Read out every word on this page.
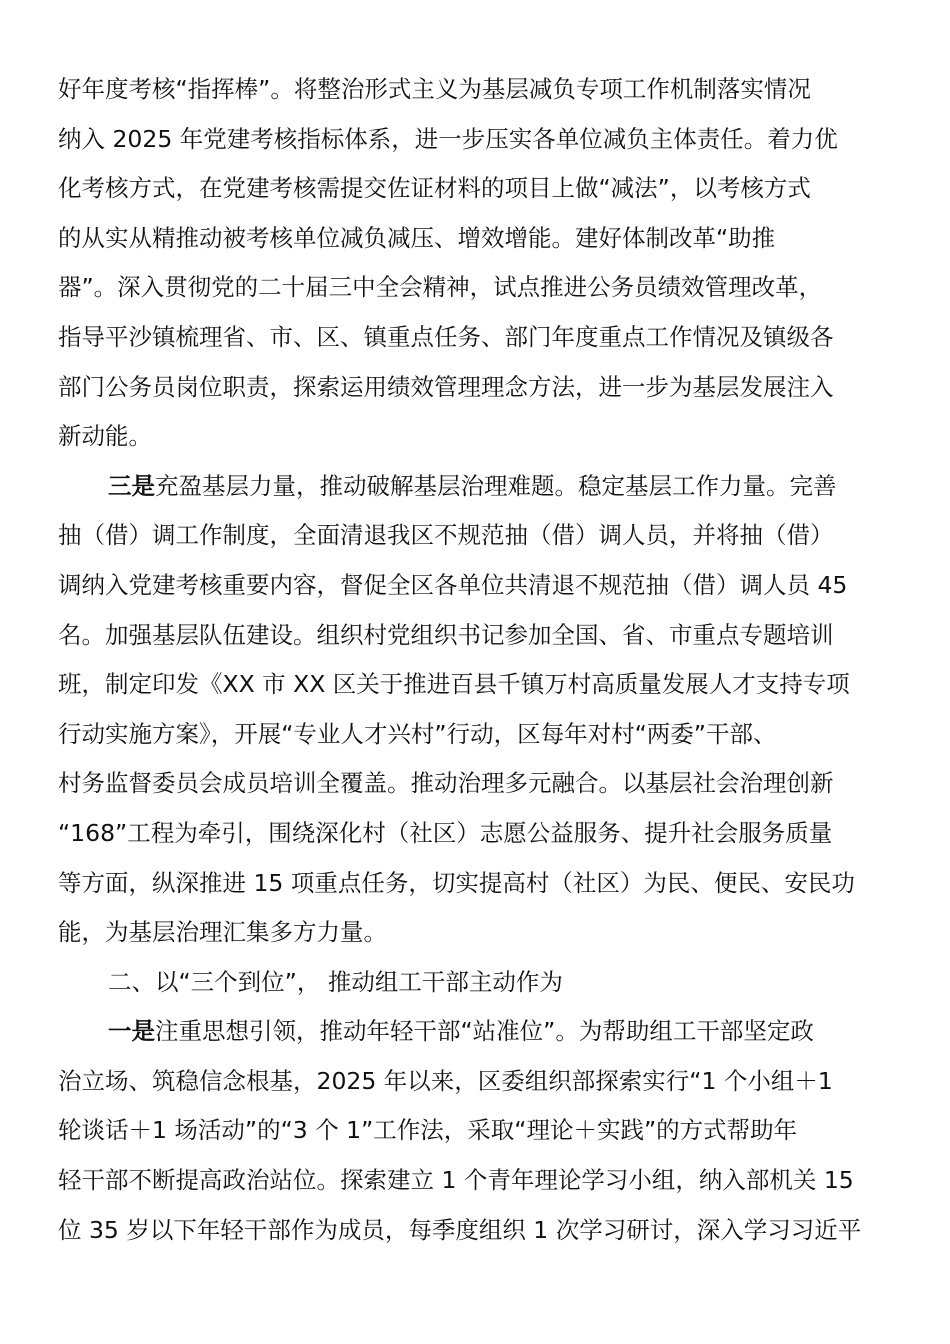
好年度考核“指挥棒”。将整治形式主义为基层减负专项工作机制落实情况
纳入 2025 年党建考核指标体系，进一步压实各单位减负主体责任。着力优
化考核方式，在党建考核需提交佐证材料的项目上做“减法”，以考核方式
的从实从精推动被考核单位减负减压、增效增能。建好体制改革“助推
器”。深入贯彻党的二十届三中全会精神，试点推进公务员绩效管理改革，
指导平沙镇梳理省、市、区、镇重点任务、部门年度重点工作情况及镇级各
部门公务员岗位职责，探索运用绩效管理理念方法，进一步为基层发展注入
新动能。
三是充盈基层力量，推动破解基层治理难题。稳定基层工作力量。完善
抽（借）调工作制度，全面清退我区不规范抽（借）调人员，并将抽（借）
调纳入党建考核重要内容，督促全区各单位共清退不规范抽（借）调人员 45
名。加强基层队伍建设。组织村党组织书记参加全国、省、市重点专题培训
班，制定印发《XX 市 XX 区关于推进百县千镇万村高质量发展人才支持专项
行动实施方案》，开展“专业人才兴村”行动，区每年对村“两委”干部、
村务监督委员会成员培训全覆盖。推动治理多元融合。以基层社会治理创新
“168”工程为牵引，围绕深化村（社区）志愿公益服务、提升社会服务质量
等方面，纵深推进 15 项重点任务，切实提高村（社区）为民、便民、安民功
能，为基层治理汇集多方力量。
二、以“三个到位”， 推动组工干部主动作为
一是注重思想引领，推动年轻干部“站准位”。为帮助组工干部坚定政
治立场、筑稳信念根基，2025 年以来，区委组织部探索实行“1 个小组＋1
轮谈话＋1 场活动”的“3 个 1”工作法，采取“理论＋实践”的方式帮助年
轻干部不断提高政治站位。探索建立 1 个青年理论学习小组，纳入部机关 15
位 35 岁以下年轻干部作为成员，每季度组织 1 次学习研讨，深入学习习近平
